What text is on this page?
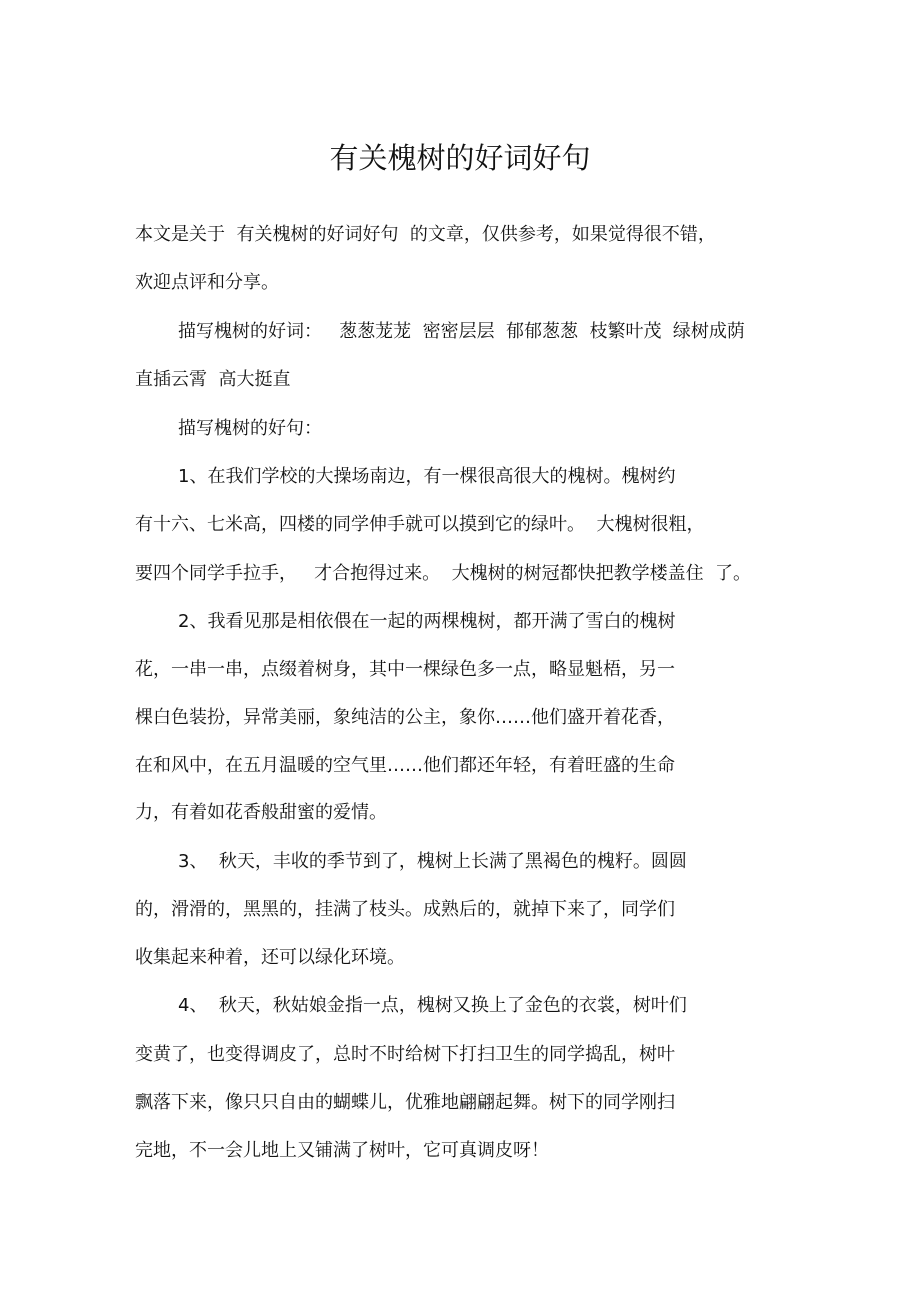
有关槐树的好词好句
本文是关于  有关槐树的好词好句  的文章，仅供参考，如果觉得很不错，
欢迎点评和分享。
描写槐树的好词：   葱葱茏茏  密密层层  郁郁葱葱  枝繁叶茂  绿树成荫
直插云霄  高大挺直
描写槐树的好句：
1、在我们学校的大操场南边，有一棵很高很大的槐树。槐树约
有十六、七米高，四楼的同学伸手就可以摸到它的绿叶。  大槐树很粗，
要四个同学手拉手，   才合抱得过来。  大槐树的树冠都快把教学楼盖住  了。
2、我看见那是相依偎在一起的两棵槐树，都开满了雪白的槐树
花，一串一串，点缀着树身，其中一棵绿色多一点，略显魁梧，另一
棵白色装扮，异常美丽，象纯洁的公主，象你……他们盛开着花香，
在和风中，在五月温暖的空气里……他们都还年轻，有着旺盛的生命
力，有着如花香般甜蜜的爱情。
3、  秋天，丰收的季节到了，槐树上长满了黑褐色的槐籽。圆圆
的，滑滑的，黑黑的，挂满了枝头。成熟后的，就掉下来了，同学们
收集起来种着，还可以绿化环境。
4、  秋天，秋姑娘金指一点，槐树又换上了金色的衣裳，树叶们
变黄了，也变得调皮了，总时不时给树下打扫卫生的同学捣乱，树叶
飘落下来，像只只自由的蝴蝶儿，优雅地翩翩起舞。树下的同学刚扫
完地，不一会儿地上又铺满了树叶，它可真调皮呀！
